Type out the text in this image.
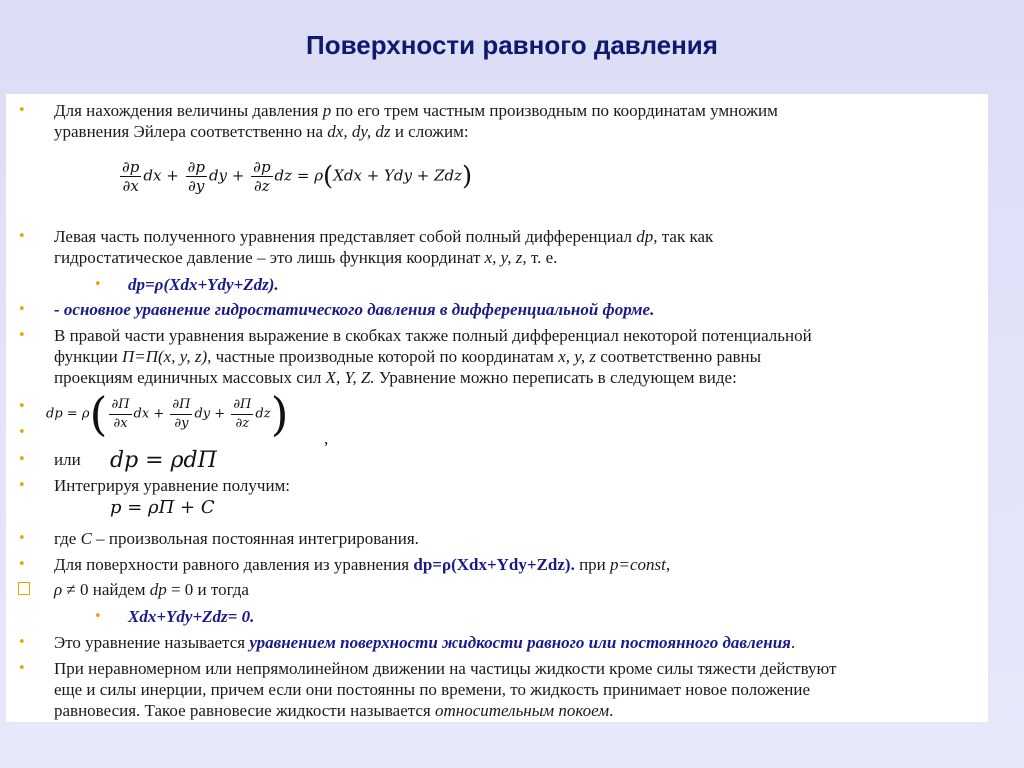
Поверхности равного давления
• Для нахождения величины давления p по его трем частным производным по координатам умножим
уравнения Эйлера соответственно на dx, dy, dz и сложим:
$\frac{\partial p}{\partial x}$ dx + $\frac{\partial p}{\partial y}$ dy + $\frac{\partial p}{\partial z}$ dz = ρ(Xdx + Ydy + Zdz)
• Левая часть полученного уравнения представляет собой полный дифференциал dp, так как
гидростатическое давление – это лишь функция координат x, y, z, т. е.
• dp=ρ(Xdx+Ydy+Zdz).
• - основное уравнение гидростатического давления в дифференциальной форме.
• В правой части уравнения выражение в скобках также полный дифференциал некоторой потенциальной
функции П=П(x, y, z), частные производные которой по координатам x, y, z соответственно равны
проекциям единичных массовых сил X, Y, Z. Уравнение можно переписать в следующем виде:
•
•
dp = $\rho( \frac{\partial П}{\partial x}$ dx + $\frac{\partial П}{\partial y}$ dy + $\frac{\partial П}{\partial z} dz$) ,
• или dp = ρdП
• Интегрируя уравнение получим:
p = ρП + C
• где C – произвольная постоянная интегрирования.
• Для поверхности равного давления из уравнения dp=ρ(Xdx+Ydy+Zdz). при p=const,
ρ ≠ 0 найдем dp = 0 и тогда
• Xdx+Ydy+Zdz= 0.
• Это уравнение называется уравнением поверхности жидкости равного или постоянного давления.
• При неравномерном или непрямолинейном движении на частицы жидкости кроме силы тяжести действуют
еще и силы инерции, причем если они постоянны по времени, то жидкость принимает новое положение
равновесия. Такое равновесие жидкости называется относительным покоем.
